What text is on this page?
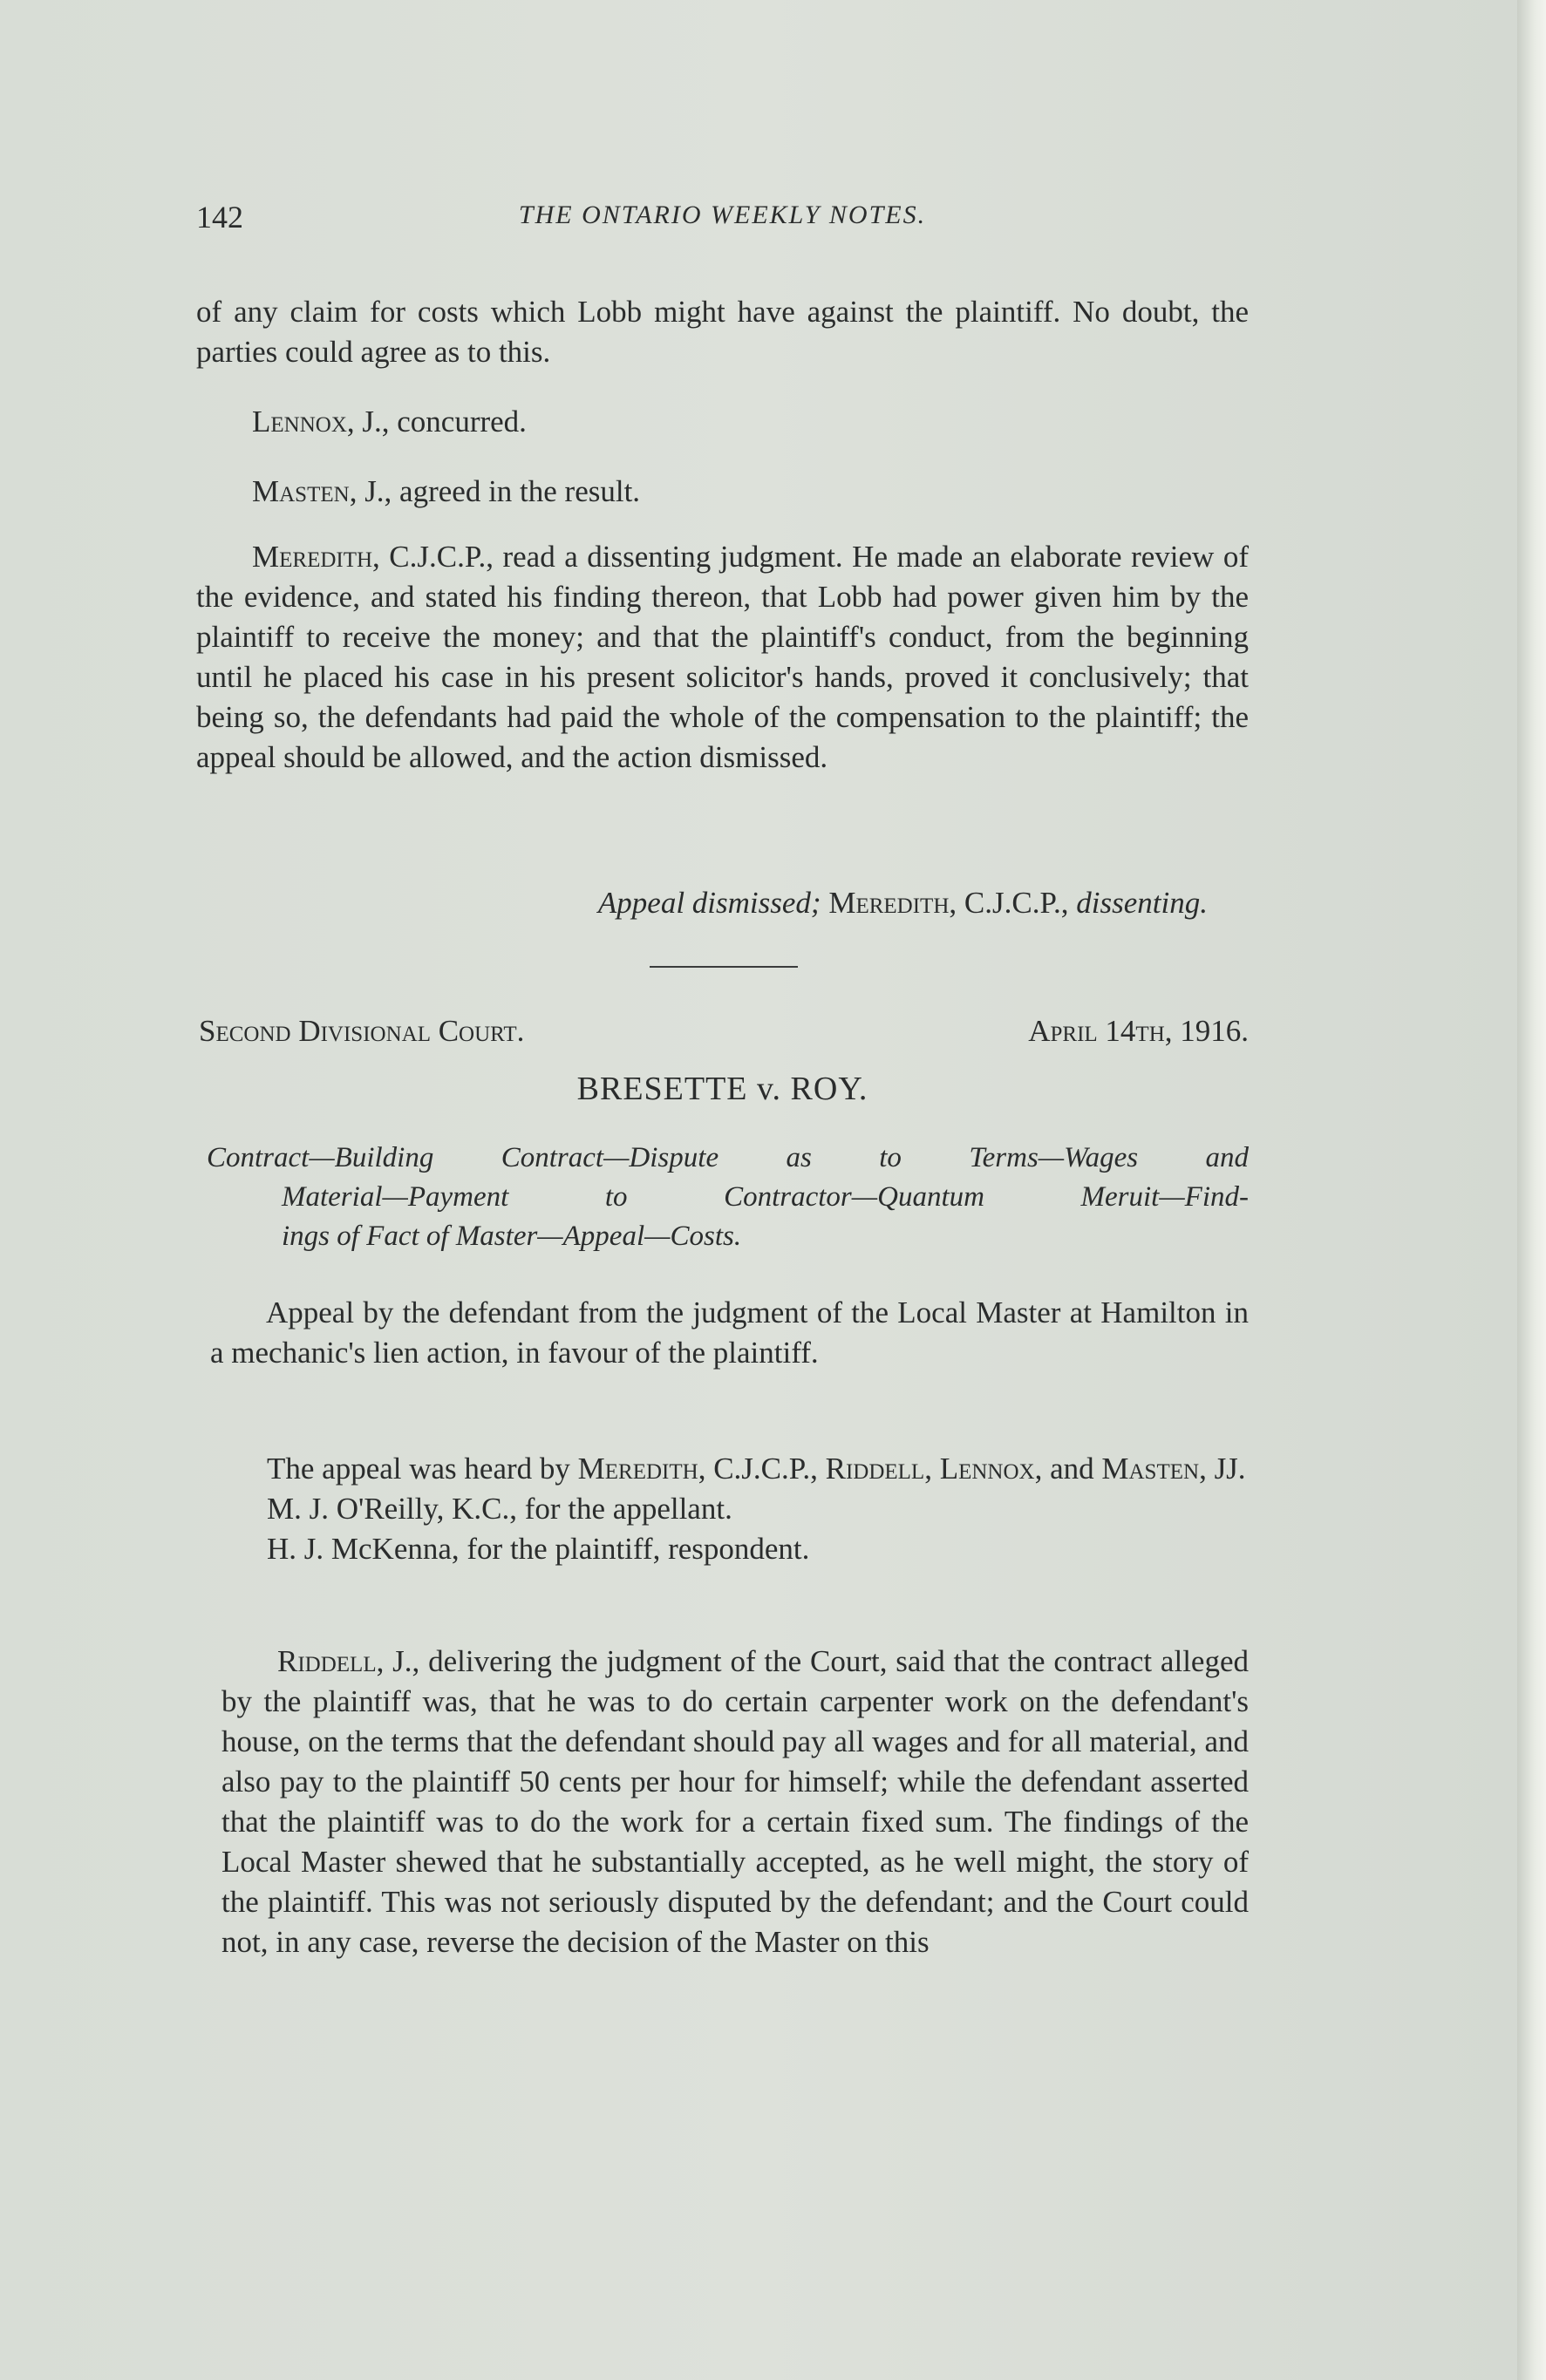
142	THE ONTARIO WEEKLY NOTES.

of any claim for costs which Lobb might have against the plaintiff. No doubt, the parties could agree as to this.

Lennox, J., concurred.

Masten, J., agreed in the result.

Meredith, C.J.C.P., read a dissenting judgment. He made an elaborate review of the evidence, and stated his finding thereon, that Lobb had power given him by the plaintiff to receive the money; and that the plaintiff's conduct, from the beginning until he placed his case in his present solicitor's hands, proved it conclusively; that being so, the defendants had paid the whole of the compensation to the plaintiff; the appeal should be allowed, and the action dismissed.

Appeal dismissed; Meredith, C.J.C.P., dissenting.

Second Divisional Court.	April 14th, 1916.
BRESETTE v. ROY.
Contract—Building Contract—Dispute as to Terms—Wages and
Material—Payment to Contractor—Quantum Meruit—Find-
ings of Fact of Master—Appeal—Costs.

Appeal by the defendant from the judgment of the Local Master at Hamilton in a mechanic's lien action, in favour of the plaintiff.

The appeal was heard by Meredith, C.J.C.P., Riddell, Lennox, and Masten, JJ.

M. J. O'Reilly, K.C., for the appellant.

H. J. McKenna, for the plaintiff, respondent.

Riddell, J., delivering the judgment of the Court, said that the contract alleged by the plaintiff was, that he was to do certain carpenter work on the defendant's house, on the terms that the defendant should pay all wages and for all material, and also pay to the plaintiff 50 cents per hour for himself; while the defendant asserted that the plaintiff was to do the work for a certain fixed sum. The findings of the Local Master shewed that he substantially accepted, as he well might, the story of the plaintiff. This was not seriously disputed by the defendant; and the Court could not, in any case, reverse the decision of the Master on this
